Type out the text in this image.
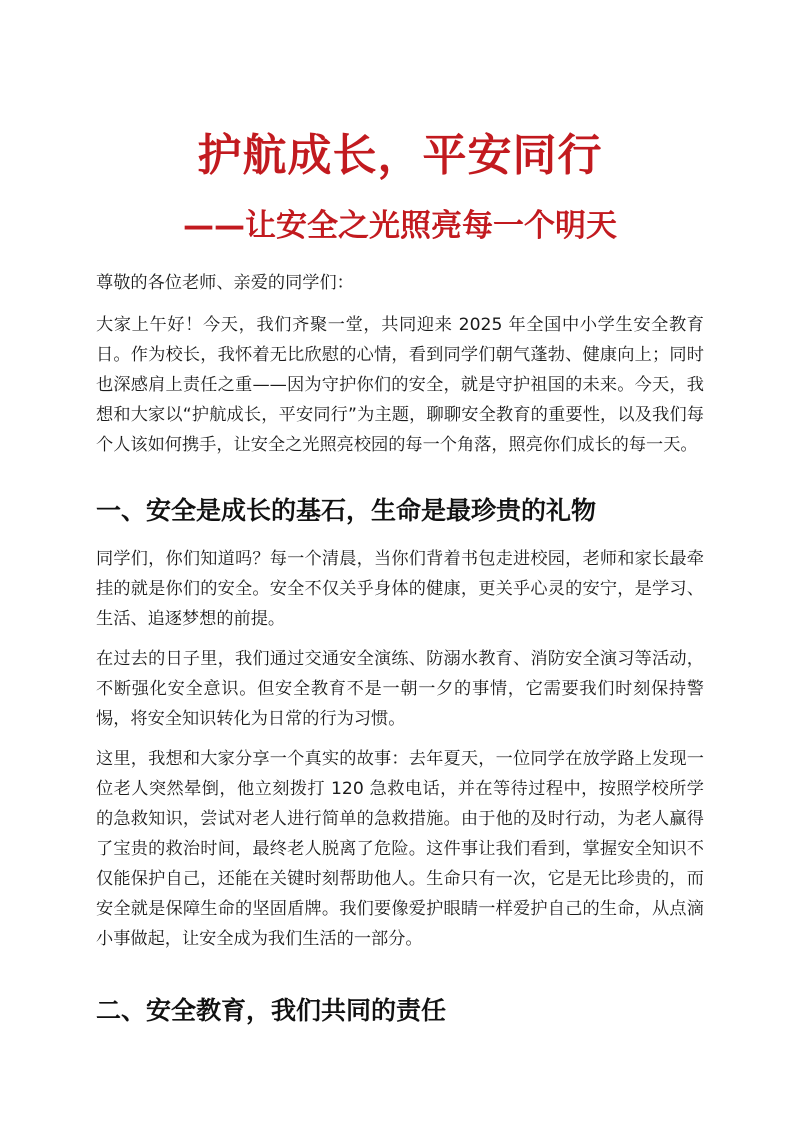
护航成长，平安同行
——让安全之光照亮每一个明天

尊敬的各位老师、亲爱的同学们：

大家上午好！今天，我们齐聚一堂，共同迎来 2025 年全国中小学生安全教育日。作为校长，我怀着无比欣慰的心情，看到同学们朝气蓬勃、健康向上；同时也深感肩上责任之重——因为守护你们的安全，就是守护祖国的未来。今天，我想和大家以“护航成长，平安同行”为主题，聊聊安全教育的重要性，以及我们每个人该如何携手，让安全之光照亮校园的每一个角落，照亮你们成长的每一天。

一、安全是成长的基石，生命是最珍贵的礼物

同学们，你们知道吗？每一个清晨，当你们背着书包走进校园，老师和家长最牵挂的就是你们的安全。安全不仅关乎身体的健康，更关乎心灵的安宁，是学习、生活、追逐梦想的前提。

在过去的日子里，我们通过交通安全演练、防溺水教育、消防安全演习等活动，不断强化安全意识。但安全教育不是一朝一夕的事情，它需要我们时刻保持警惕，将安全知识转化为日常的行为习惯。

这里，我想和大家分享一个真实的故事：去年夏天，一位同学在放学路上发现一位老人突然晕倒，他立刻拨打 120 急救电话，并在等待过程中，按照学校所学的急救知识，尝试对老人进行简单的急救措施。由于他的及时行动，为老人赢得了宝贵的救治时间，最终老人脱离了危险。这件事让我们看到，掌握安全知识不仅能保护自己，还能在关键时刻帮助他人。生命只有一次，它是无比珍贵的，而安全就是保障生命的坚固盾牌。我们要像爱护眼睛一样爱护自己的生命，从点滴小事做起，让安全成为我们生活的一部分。

二、安全教育，我们共同的责任
